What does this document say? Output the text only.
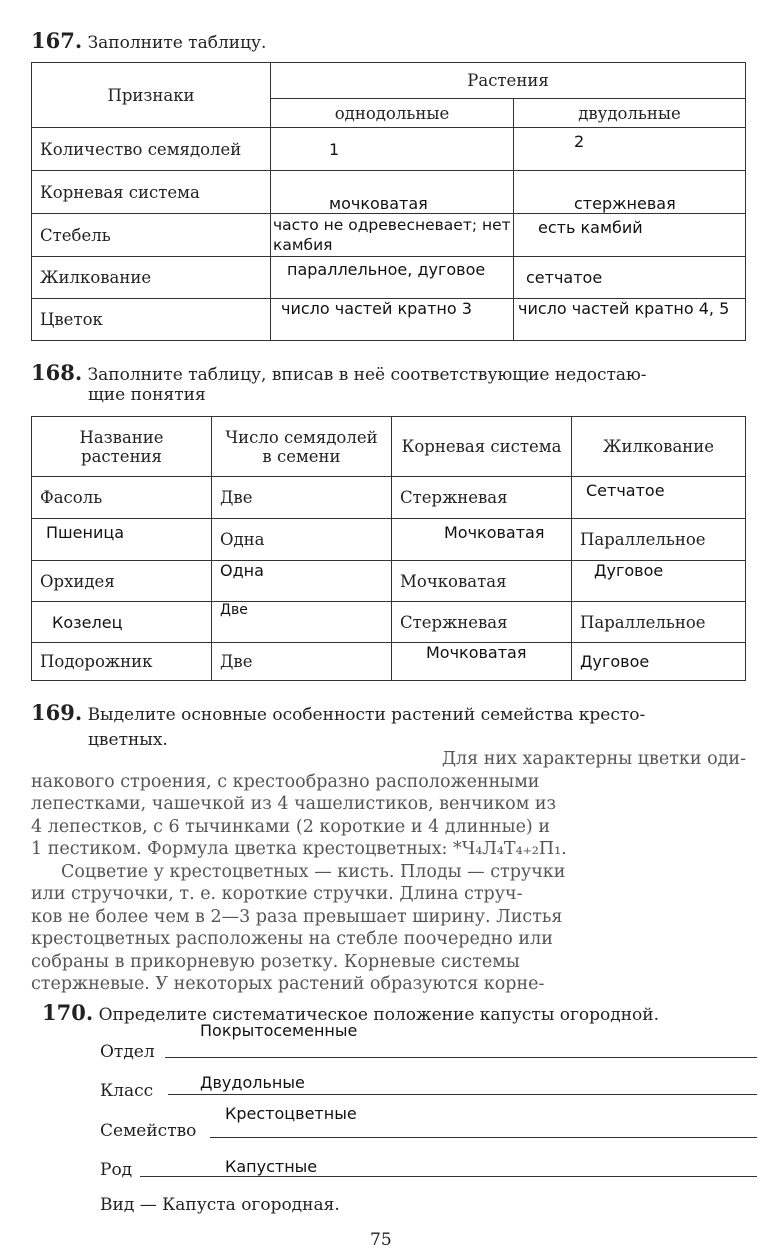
167. Заполните таблицу.
Признаки	Растения	
	однодольные	двудольные
Количество семядолей	1	2
Корневая система	мочковатая	стержневая
Стебель	часто не одревесневает; нет камбия	есть камбий
Жилкование	параллельное, дуговое	сетчатое
Цветок	число частей кратно 3	число частей кратно 4, 5
168. Заполните таблицу, вписав в неё соответствующие недостаю-
щие понятия
Название растения	Число семядолей в семени	Корневая система	Жилкование
Фасоль	Две	Стержневая	Сетчатое
Пшеница	Одна	Мочковатая	Параллельное
Орхидея	Одна	Мочковатая	Дуговое
Козелец	Две	Стержневая	Параллельное
Подорожник	Две	Мочковатая	Дуговое
169. Выделите основные особенности растений семейства кресто-
цветных.
Для них характерны цветки оди-
накового строения, с крестообразно расположенными
лепестками, чашечкой из 4 чашелистиков, венчиком из
4 лепестков, с 6 тычинками (2 короткие и 4 длинные) и
1 пестиком. Формула цветка крестоцветных: *Ч₄Л₄Т₄₊₂П₁.
Соцветие у крестоцветных — кисть. Плоды — стручки
или стручочки, т. е. короткие стручки. Длина струч-
ков не более чем в 2—3 раза превышает ширину. Листья
крестоцветных расположены на стебле поочередно или
собраны в прикорневую розетку. Корневые системы
стержневые. У некоторых растений образуются корне-
170. Определите систематическое положение капусты огородной.
Отдел
Покрытосеменные
Класс	Двудольные
Семейство
Крестоцветные
Род	Капустные
Вид — Капуста огородная.
75
